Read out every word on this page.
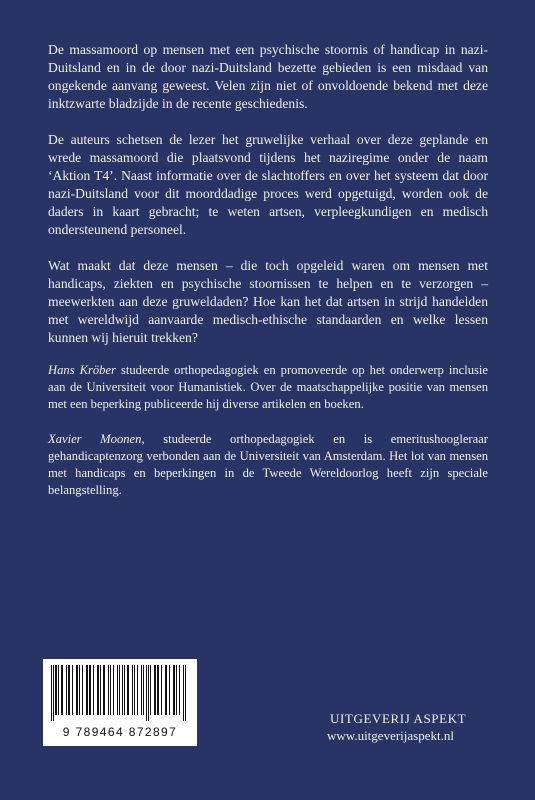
De massamoord op mensen met een psychische stoornis of handicap in nazi-Duitsland en in de door nazi-Duitsland bezette gebieden is een misdaad van ongekende aanvang geweest. Velen zijn niet of onvoldoende bekend met deze inktzwarte bladzijde in de recente geschiedenis.

De auteurs schetsen de lezer het gruwelijke verhaal over deze geplande en wrede massamoord die plaatsvond tijdens het naziregime onder de naam ‘Aktion T4’. Naast informatie over de slachtoffers en over het systeem dat door nazi-Duitsland voor dit moorddadige proces werd opgetuigd, worden ook de daders in kaart gebracht; te weten artsen, verpleegkundigen en medisch ondersteunend personeel.

Wat maakt dat deze mensen – die toch opgeleid waren om mensen met handicaps, ziekten en psychische stoornissen te helpen en te verzorgen – meewerkten aan deze gruweldaden? Hoe kan het dat artsen in strijd handelden met wereldwijd aanvaarde medisch-ethische standaarden en welke lessen kunnen wij hieruit trekken?

Hans Kröber studeerde orthopedagogiek en promoveerde op het onderwerp inclusie aan de Universiteit voor Humanistiek. Over de maatschappelijke positie van mensen met een beperking publiceerde hij diverse artikelen en boeken.

Xavier Moonen, studeerde orthopedagogiek en is emeritushoogleraar gehandicaptenzorg verbonden aan de Universiteit van Amsterdam. Het lot van mensen met handicaps en beperkingen in de Tweede Wereldoorlog heeft zijn speciale belangstelling.

9 789464 872897
UITGEVERIJ ASPEKT
www.uitgeverijaspekt.nl
